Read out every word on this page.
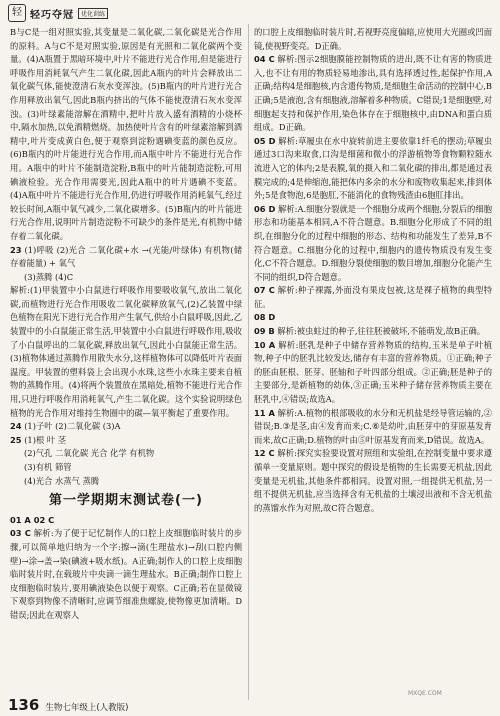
轻 轻巧夺冠	优化训练

B与C是一组对照实验,其变量是二氧化碳,二氧化碳是光合作用的原料。A与C不是对照实验,原因是有光照和二氧化碳两个变量。(4)A瓶置于黑暗环境中,叶片不能进行光合作用,但是能进行呼吸作用消耗氧气产生二氧化碳,因此A瓶内的叶片会释放出二氧化碳气体,能使澄清石灰水变浑浊。(5)B瓶内的叶片进行光合作用释放出氧气,因此B瓶内挤出的气体不能使澄清石灰水变浑浊。(3)叶绿素能溶解在酒精中,把叶片放入盛有酒精的小烧杯中,隔水加热,以免酒精燃烧。加热使叶片含有的叶绿素溶解到酒精中,叶片变成黄白色,便于观察到淀粉遇碘变蓝的颜色反应。(6)B瓶内的叶片能进行光合作用,而A瓶中叶片不能进行光合作用。A瓶中的叶片不能制造淀粉,B瓶中的叶片能制造淀粉,可用碘液检验。光合作用需要光,因此A瓶中的叶片遇碘不变蓝。(4)A瓶中叶片不能进行光合作用,仍进行呼吸作用消耗氧气,经过较长时间,A瓶中氧气减少,二氧化碳增多。(5)B瓶内的叶片能进行光合作用,说明叶片制造淀粉不可缺少的条件是光,有机物中储存着二氧化碳。

23 (1)呼吸 (2)光合 二氧化碳+水 →(光能/叶绿体) 有机物(储存着能量) + 氧气

(3)蒸腾 (4)C

解析:(1)甲装置中小白鼠进行呼吸作用要吸收氧气,放出二氧化碳,而植物进行光合作用吸收二氧化碳释放氧气,(2)乙装置中绿色植物在阳光下进行光合作用产生氧气,供给小白鼠呼吸,因此,乙装置中的小白鼠能正常生活,甲装置中小白鼠进行呼吸作用,吸收了小白鼠呼出的二氧化碳,释放出氧气,因此小白鼠能正常生活。(3)植物体通过蒸腾作用散失水分,这样植物体可以降低叶片表面温度。甲装置的塑料袋上会出现小水珠,这些小水珠主要来自植物的蒸腾作用。(4)将两个装置放在黑暗处,植物不能进行光合作用,只进行呼吸作用消耗氧气,产生二氧化碳。这个实验说明绿色植物的光合作用对维持生物圈中的碳—氧平衡起了重要作用。

24 (1)子叶 (2)二氧化碳 (3)A

25 (1)根 叶 茎

(2)气孔 二氧化碳 光合 化学 有机物

(3)有机 筛管

(4)光合 水蒸气 蒸腾

第一学期期末测试卷(一)

01 A 02 C

03 C 解析:为了便于记忆制作人的口腔上皮细胞临时装片的步骤,可以简单地归纳为一个字:擦→滴(生理盐水)→刮(口腔内侧壁)→涂→盖→染(碘液+吸水纸)。A正确;制作人的口腔上皮细胞临时装片时,在载玻片中央滴一滴生理盐水。B正确;制作口腔上皮细胞临时装片,要用碘液染色以便于观察。C正确;若在显微镜下观察到物像不清晰时,应调节细准焦螺旋,使物像更加清晰。D错误;因此在观察人

的口腔上皮细胞临时装片时,若视野亮度偏暗,应使用大光圈或凹面镜,使视野变亮。D正确。

04 C 解析:图示2细胞膜能控制物质的进出,既不让有害的物质进入,也不让有用的物质轻易地渗出,具有选择透过性,起保护作用,A正确;结构4是细胞核,内含遗传物质,是细胞生命活动的控制中心,B正确;5是液泡,含有细胞液,溶解着多种物质。C错误;1是细胞壁,对细胞起支持和保护作用,染色体存在于细胞核中,由DNA和蛋白质组成。D正确。

05 D 解析:草履虫在水中旋转前进主要依靠1纤毛的摆动;草履虫通过3口沟来取食,口沟是细菌和微小的浮游植物等食物颗粒随水流进入它的体内;2是表膜,氧的摄入和二氧化碳的排出,都是通过表膜完成的;4是伸缩泡,能把体内多余的水分和废物收集起来,排到体外;5是食物泡,6是胞肛,不能消化的食物残渣由6胞肛排出。

06 D 解析:A.细胞分裂就是一个细胞分成两个细胞,分裂后的细胞形态和功能基本相同,A不符合题意。B.细胞分化形成了不同的组织,在细胞分化的过程中细胞的形态、结构和功能发生了差异,B不符合题意。C.细胞分化的过程中,细胞内的遗传物质没有发生变化,C不符合题意。D.细胞分裂使细胞的数目增加,细胞分化能产生不同的组织,D符合题意。

07 C 解析:种子裸露,外面没有果皮包被,这是裸子植物的典型特征。

08 D

09 B 解析:被虫蛀过的种子,往往胚被破坏,不能萌发,故B正确。

10 A 解析:胚乳是种子中储存营养物质的结构,玉米是单子叶植物,种子中的胚乳比较发达,储存有丰富的营养物质。①正确;种子的胚由胚根、胚芽、胚轴和子叶四部分组成。②正确;胚是种子的主要部分,是新植物的幼体,③正确;玉米种子储存营养物质主要在胚乳中,④错误;故选A。

11 A 解析:A.植物的根部吸收的水分和无机盐是经导管运输的,②错误;B.③是茎,由④发育而来;C.⑥是幼叶,由胚芽中的芽原基发育而来,故C正确;D.植物的叶由⑤叶原基发育而来,D错误。故选A。

12 C 解析:探究实验要设置对照组和实验组,在控制变量中要求遵循单一变量原则。题中探究的假设是植物的生长需要无机盐,因此变量是无机盐,其他条件都相同。设置对照,一组提供无机盐,另一组不提供无机盐,应当选择含有无机盐的土壤浸出液和不含无机盐的蒸馏水作为对照,故C符合题意。

136 生物七年级上(人教版)
MXQE.COM
